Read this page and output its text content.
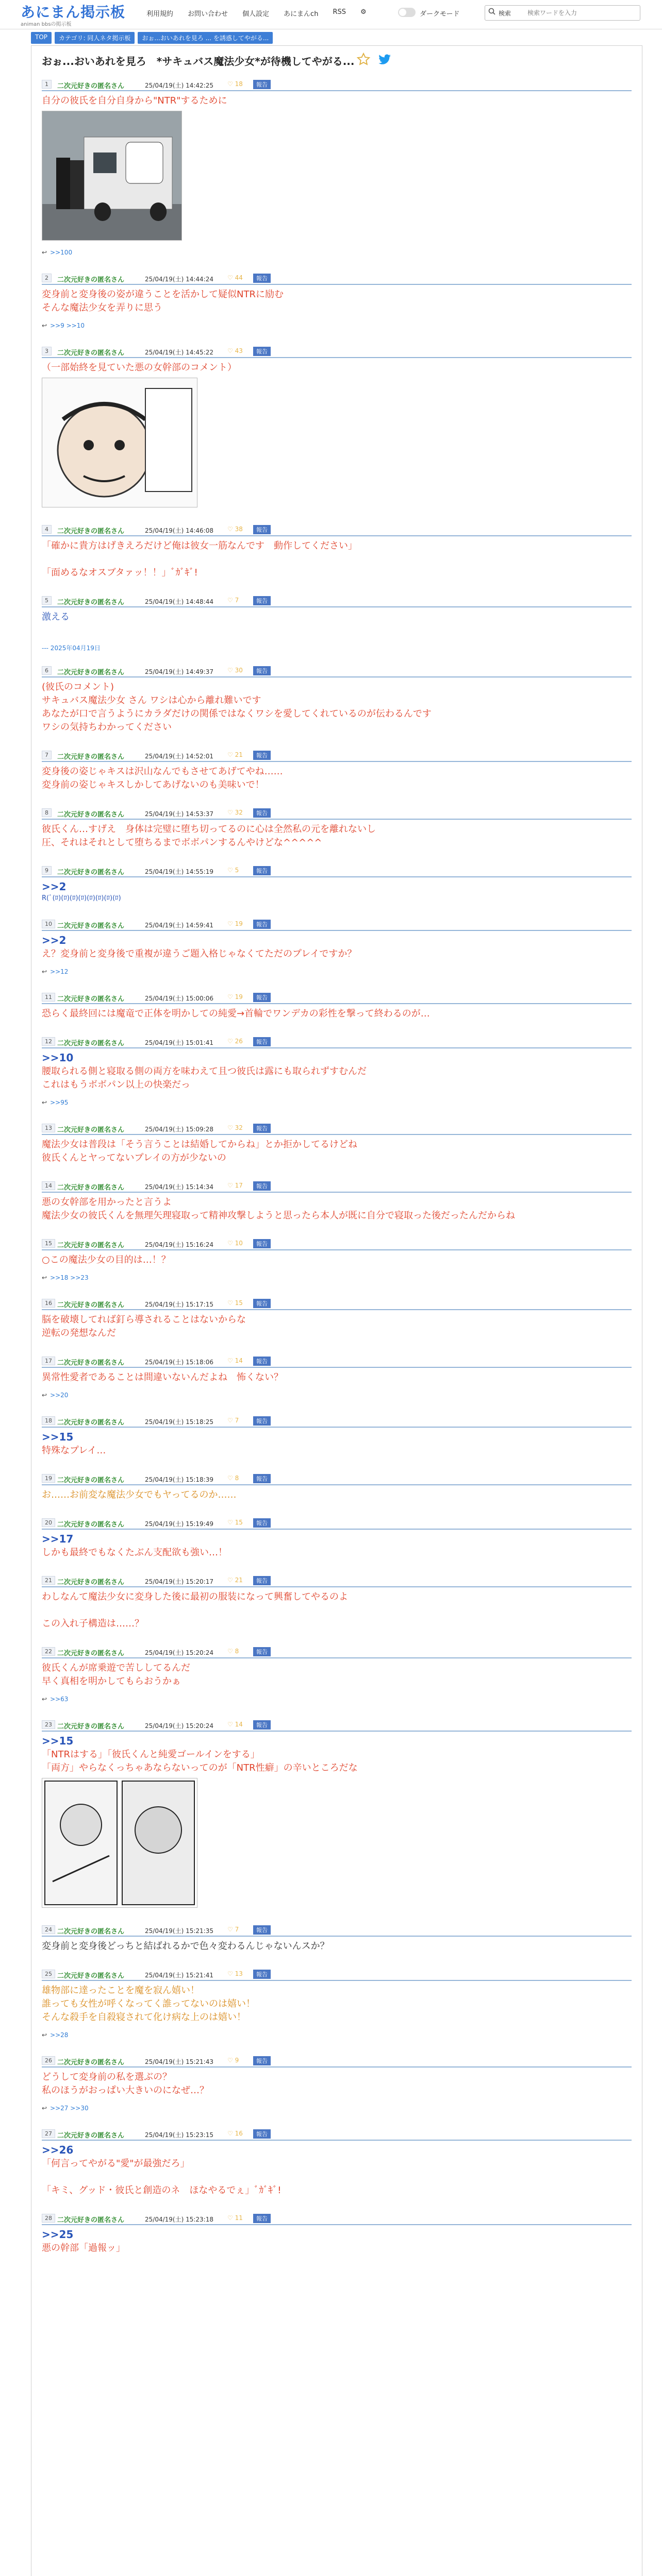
あにまん掲示板
animan bbsの掲示板
利用規約	お問い合わせ	個人設定	あにまんch	RSS	⚙	ダークモード	検索
検索ワードを入力
TOP	カテゴリ: 同人ネタ掲示板	おぉ...おいあれを見ろ ... を誘惑してやがる...
おぉ...おいあれを見ろ　*サキュバス魔法少女*が待機してやがる...
1	二次元好きの匿名さん	25/04/19(土) 14:42:25 ♡ 18	報告
自分の彼氏を自分自身から"NTR"するために
↩ >>100
2	二次元好きの匿名さん	25/04/19(土) 14:44:24 ♡ 44	報告
変身前と変身後の姿が違うことを活かして疑似NTRに励む
そんな魔法少女を弄りに思う
↩ >>9 >>10
3	二次元好きの匿名さん	25/04/19(土) 14:45:22 ♡ 43	報告
（一部始終を見ていた悪の女幹部のコメント）
4	二次元好きの匿名さん	25/04/19(土) 14:46:08 ♡ 38	報告
「確かに貴方はげきえろだけど俺は彼女一筋なんです　動作してください」

「面めるなオスブタァッ！！」ﾞｶﾞｷﾞ!
5	二次元好きの匿名さん	25/04/19(土) 14:48:44 ♡ 7	報告
激える
--- 2025年04月19日
6	二次元好きの匿名さん	25/04/19(土) 14:49:37 ♡ 30	報告
(彼氏のコメント)
サキュバス魔法少女 さん ワシは心から離れ難いです
あなたが口で言うようにカラダだけの関係ではなくワシを愛してくれているのが伝わるんです
ワシの気持ちわかってください
7	二次元好きの匿名さん	25/04/19(土) 14:52:01 ♡ 21	報告
変身後の姿じゃキスは沢山なんでもさせてあげてやね……
変身前の姿じゃキスしかしてあげないのも美味いで！
8	二次元好きの匿名さん	25/04/19(土) 14:53:37 ♡ 32	報告
彼氏くん…すげえ　身体は完璧に堕ち切ってるのに心は全然私の元を離れないし
圧、それはそれとして堕ちるまでボボパンするんやけどな^^^^^
9	二次元好きの匿名さん	25/04/19(土) 14:55:19 ♡ 5	報告
>>2
R(ﾞ(ﾛ)(ﾛ)(ﾛ)(ﾛ)(ﾛ)(ﾛ)(ﾛ)(ﾛ)
10 二次元好きの匿名さん	25/04/19(土) 14:59:41 ♡ 19	報告
>>2
え？変身前と変身後で重複が違うご題入格じゃなくてただのプレイですか？
↩ >>12
11 二次元好きの匿名さん	25/04/19(土) 15:00:06 ♡ 19	報告
恐らく最終回には魔竜で正体を明かしての純愛→首輪でワンデカの彩性を撃って終わるのが…
12 二次元好きの匿名さん	25/04/19(土) 15:01:41 ♡ 26	報告
>>10
腰取られる側と寝取る側の両方を味わえて且つ彼氏は露にも取られずすむんだ
これはもうボボパン以上の快楽だっ
↩ >>95
13 二次元好きの匿名さん	25/04/19(土) 15:09:28 ♡ 32	報告
魔法少女は普段は「そう言うことは結婚してからね」とか拒かしてるけどね
彼氏くんとヤってないプレイの方が少ないの
14 二次元好きの匿名さん	25/04/19(土) 15:14:34 ♡ 17	報告
悪の女幹部を用かったと言うよ
魔法少女の彼氏くんを無理矢理寝取って精神攻撃しようと思ったら本人が既に自分で寝取った後だったんだからね
15 二次元好きの匿名さん	25/04/19(土) 15:16:24 ♡ 10	報告
○この魔法少女の目的は…！？
↩ >>18 >>23
16 二次元好きの匿名さん	25/04/19(土) 15:17:15 ♡ 15	報告
脳を破壊してれば釘ら導されることはないからな
逆転の発想なんだ
17 二次元好きの匿名さん	25/04/19(土) 15:18:06 ♡ 14	報告
異常性愛者であることは間違いないんだよね　怖くない？
↩ >>20
18 二次元好きの匿名さん	25/04/19(土) 15:18:25 ♡ 7	報告
>>15
特殊なプレイ…
19 二次元好きの匿名さん	25/04/19(土) 15:18:39 ♡ 8	報告
お……お前変な魔法少女でもヤってるのか……
20 二次元好きの匿名さん	25/04/19(土) 15:19:49 ♡ 15	報告
>>17
しかも最終でもなくたぶん支配欲も強い…！
21 二次元好きの匿名さん	25/04/19(土) 15:20:17 ♡ 21	報告
わしなんて魔法少女に変身した後に最初の服装になって興奮してやるのよ

この入れ子構造は……？
22 二次元好きの匿名さん	25/04/19(土) 15:20:24 ♡ 8	報告
彼氏くんが席乗遊で苦ししてるんだ
早く真相を明かしてもらおうかぁ
↩ >>63
23 二次元好きの匿名さん	25/04/19(土) 15:20:24 ♡ 14	報告
>>15
「NTRはする」「彼氏くんと純愛ゴールインをする」
「両方」やらなくっちゃあならないってのが「NTR性癖」の辛いところだな
24 二次元好きの匿名さん	25/04/19(土) 15:21:35 ♡ 7	報告
変身前と変身後どっちと結ばれるかで色々変わるんじゃないんスか？
25 二次元好きの匿名さん	25/04/19(土) 15:21:41 ♡ 13	報告
雄物部に達ったことを魔を寂ん嬉い！
誰っても女性が呼くなってく誰ってないのは嬉い！
そんな殺手を自殺寝されて化け病な上のは嬉い！
↩ >>28
26 二次元好きの匿名さん	25/04/19(土) 15:21:43 ♡ 9	報告
どうして変身前の私を選ぶの？
私のほうがおっぱい大きいのになぜ…？
↩ >>27 >>30
27 二次元好きの匿名さん	25/04/19(土) 15:23:15 ♡ 16	報告
>>26
「何言ってやがる"愛"が最強だろ」

「キミ、グッド・彼氏と創造のネ　ほなやるでぇ」ﾞｶﾞｷﾞ!
28 二次元好きの匿名さん	25/04/19(土) 15:23:18 ♡ 11	報告
>>25
悪の幹部「過報ッ」
